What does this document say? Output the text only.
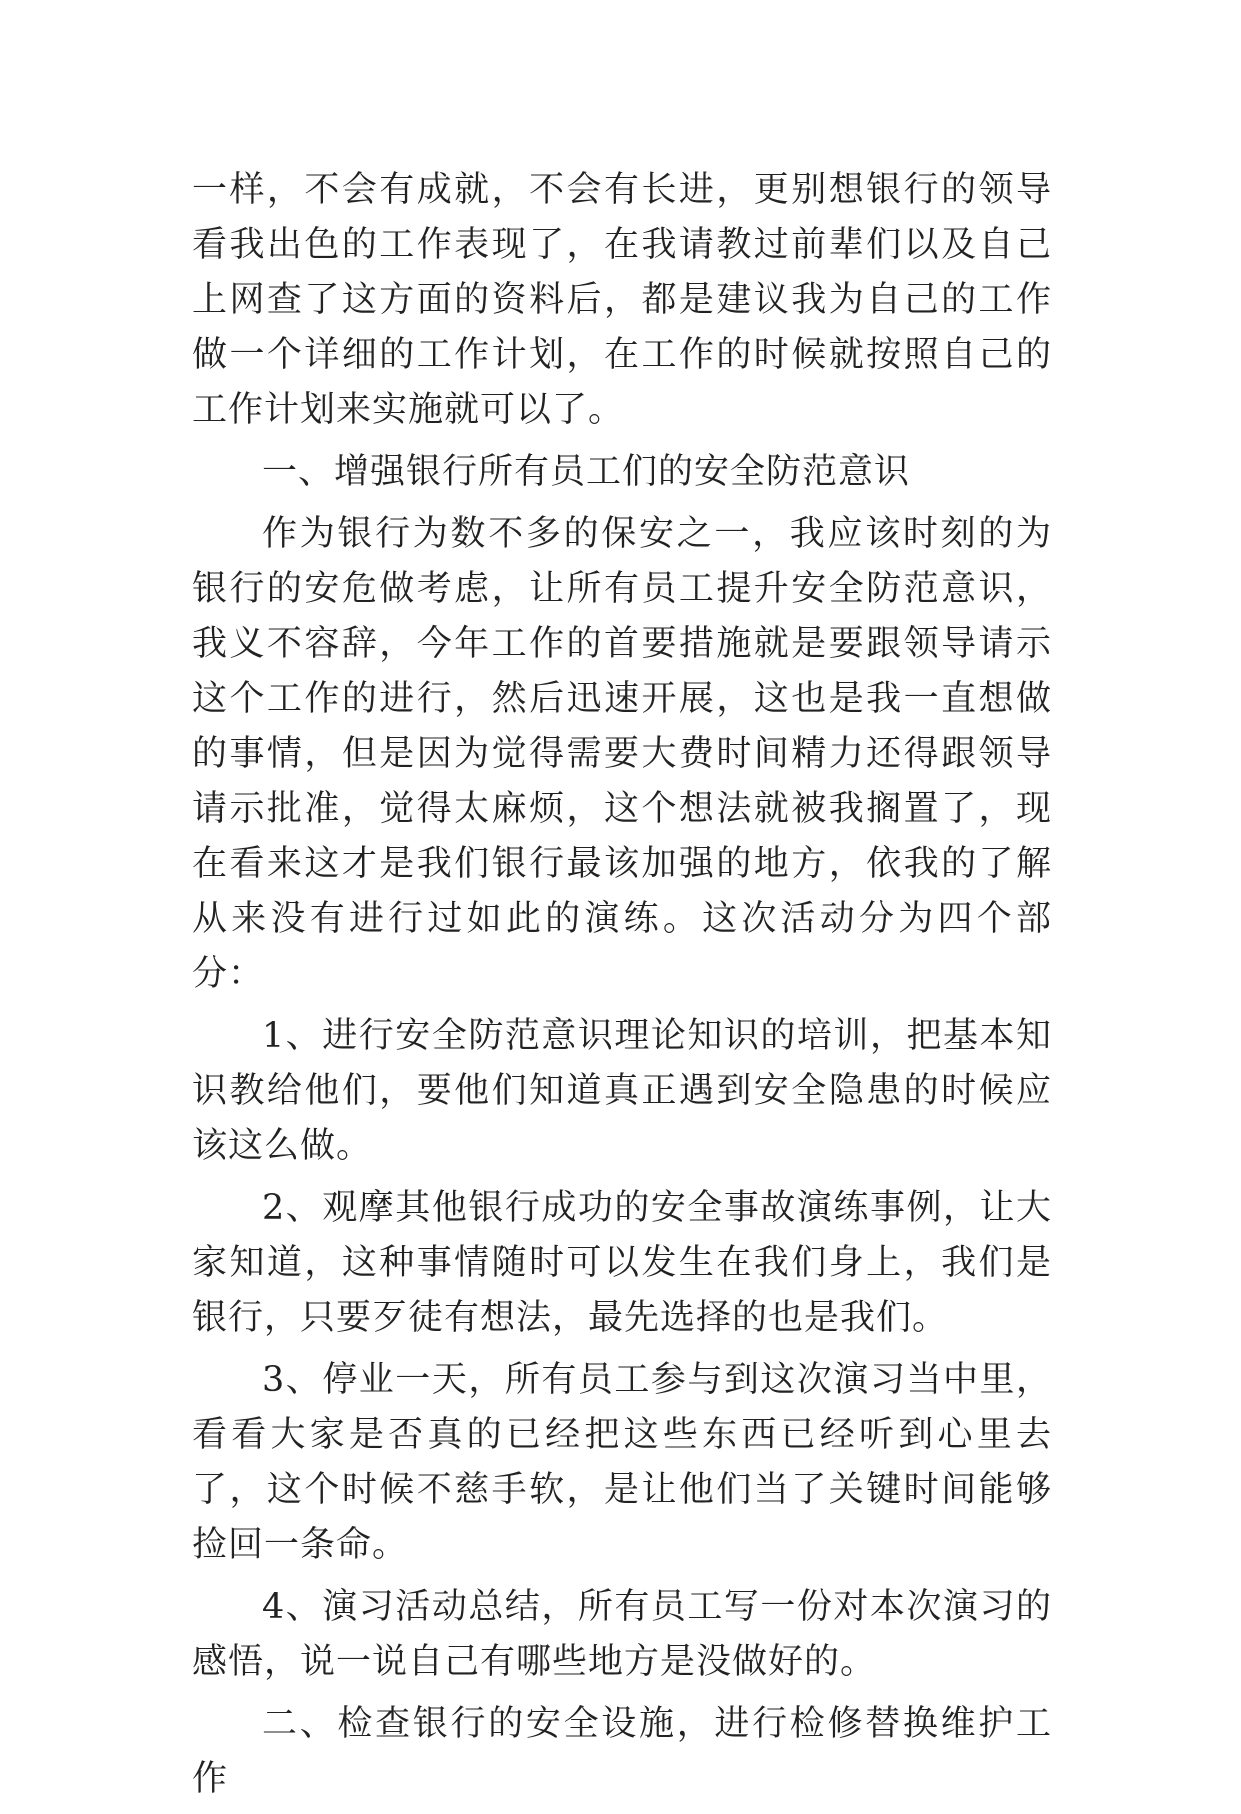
一样，不会有成就，不会有长进，更别想银行的领导看我出色的工作表现了，在我请教过前辈们以及自己上网查了这方面的资料后，都是建议我为自己的工作做一个详细的工作计划，在工作的时候就按照自己的工作计划来实施就可以了。

一、增强银行所有员工们的安全防范意识

作为银行为数不多的保安之一，我应该时刻的为银行的安危做考虑，让所有员工提升安全防范意识，我义不容辞，今年工作的首要措施就是要跟领导请示这个工作的进行，然后迅速开展，这也是我一直想做的事情，但是因为觉得需要大费时间精力还得跟领导请示批准，觉得太麻烦，这个想法就被我搁置了，现在看来这才是我们银行最该加强的地方，依我的了解从来没有进行过如此的演练。这次活动分为四个部分：

1、进行安全防范意识理论知识的培训，把基本知识教给他们，要他们知道真正遇到安全隐患的时候应该这么做。

2、观摩其他银行成功的安全事故演练事例，让大家知道，这种事情随时可以发生在我们身上，我们是银行，只要歹徒有想法，最先选择的也是我们。

3、停业一天，所有员工参与到这次演习当中里，看看大家是否真的已经把这些东西已经听到心里去了，这个时候不慈手软，是让他们当了关键时间能够捡回一条命。

4、演习活动总结，所有员工写一份对本次演习的感悟，说一说自己有哪些地方是没做好的。

二、检查银行的安全设施，进行检修替换维护工作
